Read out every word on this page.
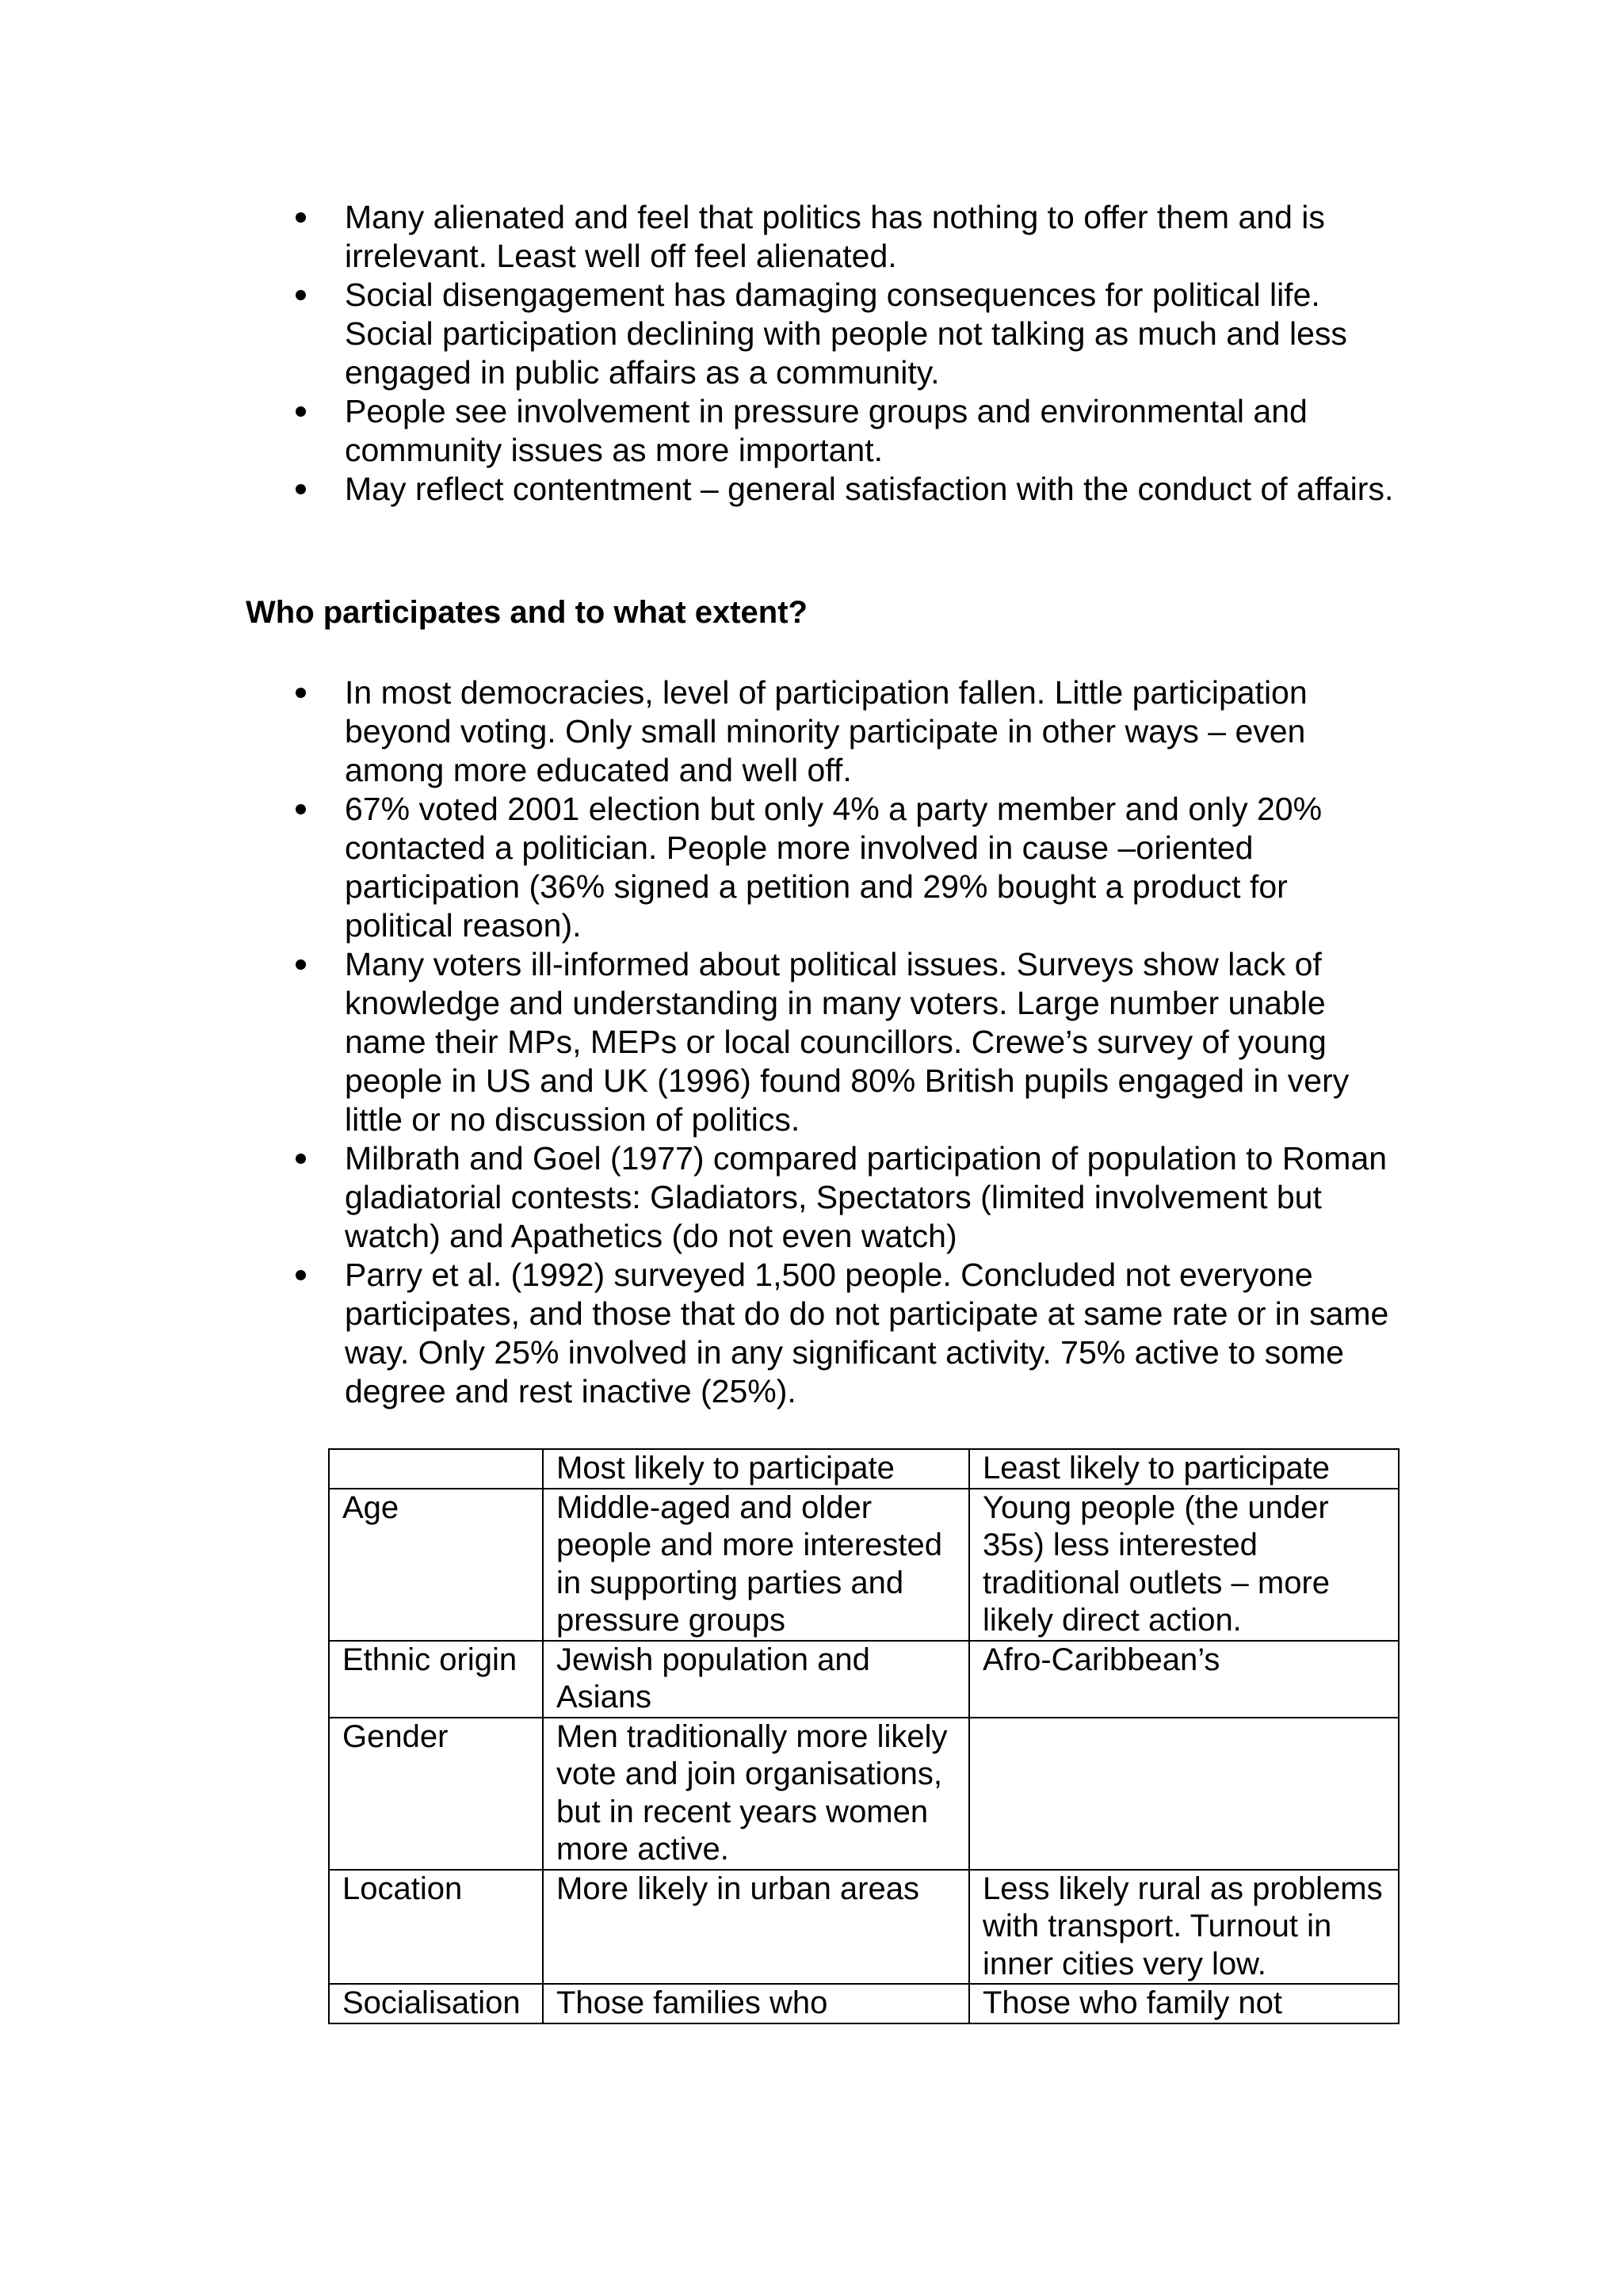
Many alienated and feel that politics has nothing to offer them and is irrelevant. Least well off feel alienated.
Social disengagement has damaging consequences for political life. Social participation declining with people not talking as much and less engaged in public affairs as a community.
People see involvement in pressure groups and environmental and community issues as more important.
May reflect contentment – general satisfaction with the conduct of affairs.
Who participates and to what extent?
In most democracies, level of participation fallen. Little participation beyond voting. Only small minority participate in other ways – even among more educated and well off.
67% voted 2001 election but only 4% a party member and only 20% contacted a politician. People more involved in cause –oriented participation (36% signed a petition and 29% bought a product for political reason).
Many voters ill-informed about political issues. Surveys show lack of knowledge and understanding in many voters. Large number unable name their MPs, MEPs or local councillors. Crewe’s survey of young people in US and UK (1996) found 80% British pupils engaged in very little or no discussion of politics.
Milbrath and Goel (1977) compared participation of population to Roman gladiatorial contests: Gladiators, Spectators (limited involvement but watch) and Apathetics (do not even watch)
Parry et al. (1992) surveyed 1,500 people. Concluded not everyone participates, and those that do do not participate at same rate or in same way. Only 25% involved in any significant activity. 75% active to some degree and rest inactive (25%).
	Most likely to participate	Least likely to participate
Age	Middle-aged and older people and more interested in supporting parties and pressure groups	Young people (the under 35s) less interested traditional outlets – more likely direct action.
Ethnic origin	Jewish population and Asians	Afro-Caribbean’s
Gender	Men traditionally more likely vote and join organisations, but in recent years women more active.	
Location	More likely in urban areas	Less likely rural as problems with transport. Turnout in inner cities very low.
Socialisation	Those families who	Those who family not
